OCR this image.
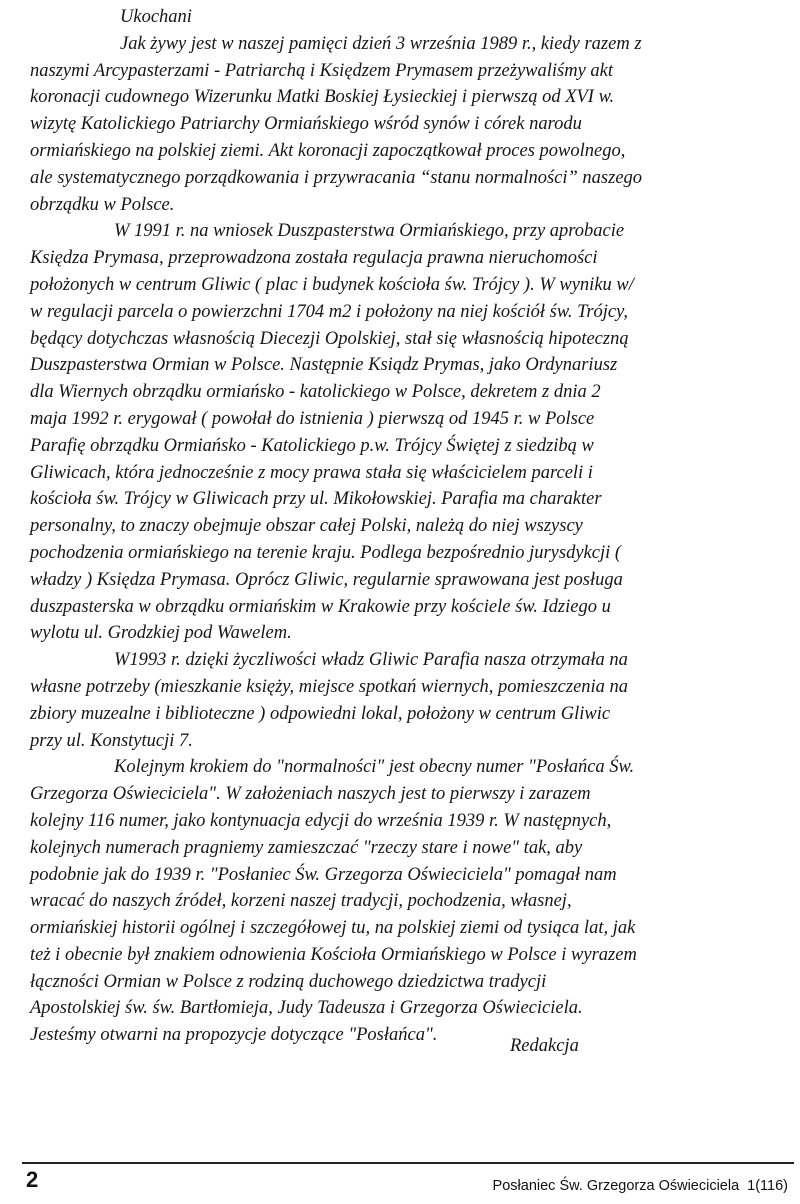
Ukochani
Jak żywy jest w naszej pamięci dzień 3 września 1989 r., kiedy razem z
naszymi Arcypasterzami - Patriarchą i Księdzem Prymasem przeżywaliśmy akt
koronacji cudownego Wizerunku Matki Boskiej Łysieckiej i pierwszą od XVI w.
wizytę Katolickiego Patriarchy Ormiańskiego wśród synów i córek narodu
ormiańskiego na polskiej ziemi. Akt koronacji zapoczątkował proces powolnego,
ale systematycznego porządkowania i przywracania “stanu normalności” naszego
obrządku w Polsce.
W 1991 r. na wniosek Duszpasterstwa Ormiańskiego, przy aprobacie
Księdza Prymasa, przeprowadzona została regulacja prawna nieruchomości
położonych w centrum Gliwic ( plac i budynek kościoła św. Trójcy ). W wyniku w/
w regulacji parcela o powierzchni 1704 m2 i położony na niej kościół św. Trójcy,
będący dotychczas własnością Diecezji Opolskiej, stał się własnością hipoteczną
Duszpasterstwa Ormian w Polsce. Następnie Ksiądz Prymas, jako Ordynariusz
dla Wiernych obrządku ormiańsko - katolickiego w Polsce, dekretem z dnia 2
maja 1992 r. erygował ( powołał do istnienia ) pierwszą od 1945 r. w Polsce
Parafię obrządku Ormiańsko - Katolickiego p.w. Trójcy Świętej z siedzibą w
Gliwicach, która jednocześnie z mocy prawa stała się właścicielem parceli i
kościoła św. Trójcy w Gliwicach przy ul. Mikołowskiej. Parafia ma charakter
personalny, to znaczy obejmuje obszar całej Polski, należą do niej wszyscy
pochodzenia ormiańskiego na terenie kraju. Podlega bezpośrednio jurysdykcji (
władzy ) Księdza Prymasa. Oprócz Gliwic, regularnie sprawowana jest posługa
duszpasterska w obrządku ormiańskim w Krakowie przy kościele św. Idziego u
wylotu ul. Grodzkiej pod Wawelem.
W1993 r. dzięki życzliwości władz Gliwic Parafia nasza otrzymała na
własne potrzeby (mieszkanie księży, miejsce spotkań wiernych, pomieszczenia na
zbiory muzealne i biblioteczne ) odpowiedni lokal, położony w centrum Gliwic
przy ul. Konstytucji 7.
Kolejnym krokiem do "normalności" jest obecny numer "Posłańca Św.
Grzegorza Oświeciciela". W założeniach naszych jest to pierwszy i zarazem
kolejny 116 numer, jako kontynuacja edycji do września 1939 r. W następnych,
kolejnych numerach pragniemy zamieszczać "rzeczy stare i nowe" tak, aby
podobnie jak do 1939 r. "Posłaniec Św. Grzegorza Oświeciciela" pomagał nam
wracać do naszych źródeł, korzeni naszej tradycji, pochodzenia, własnej,
ormiańskiej historii ogólnej i szczegółowej tu, na polskiej ziemi od tysiąca lat, jak
też i obecnie był znakiem odnowienia Kościoła Ormiańskiego w Polsce i wyrazem
łączności Ormian w Polsce z rodziną duchowego dziedzictwa tradycji
Apostolskiej św. św. Bartłomieja, Judy Tadeusza i Grzegorza Oświeciciela.
Jesteśmy otwarni na propozycje dotyczące "Posłańca".
Redakcja
2	Posłaniec Św. Grzegorza Oświeciciela 1(116)
